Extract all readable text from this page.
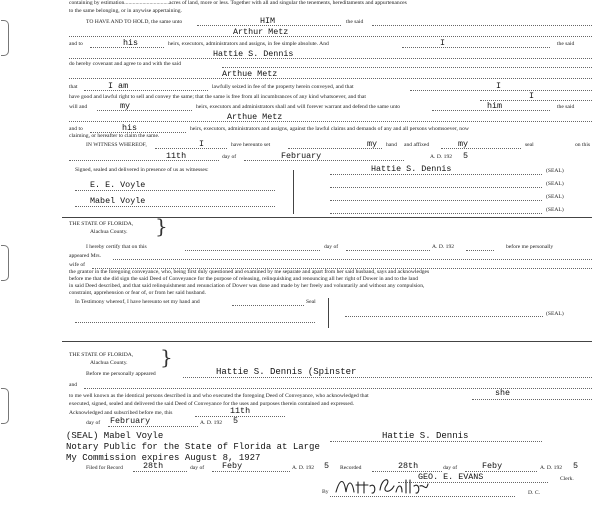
containing by estimation................................acres of land, more or less. Together with all and singular the tenements, hereditaments and appurtenances
to the same belonging, or in anywise appertaining.
TO HAVE AND TO HOLD, the same unto	HIM	the said
Arthur Metz
and to	his	heirs, executors, administrators and assigns, in fee simple absolute. And	I	the said
Hattie S. Dennis
do hereby covenant and agree to and with the said
Arthue Metz
that	I am	lawfully seized in fee of the property herein conveyed, and that	I
have good and lawful right to sell and convey the same; that the same is free from all incumbrances of any kind whatsoever, and that	I
will and	my	heirs, executors and administrators shall and will forever warrant and defend the same unto	him	the said
Arthue Metz
and to	his	heirs, executors, administrators and assigns, against the lawful claims and demands of any and all persons whomsoever, now
claiming, or hereafter to claim the same.
IN WITNESS WHEREOF,	I	have hereunto set	my hand and affixed	my	seal	on this
11th	day of	February	A. D. 192 5
Signed, sealed and delivered in presence of us as witnesses:	Hattie S. Dennis	(SEAL)
(SEAL)
(SEAL)
(SEAL)
E. E. Voyle
Mabel Voyle
THE STATE OF FLORIDA, }
Alachua County.
I hereby certify that on this	day of	A. D. 192	before me personally
appeared Mrs.
wife of
the grantor in the foregoing conveyance, who, being first duly questioned and examined by me separate and apart from her said husband, says and acknowledges
before me that she did sign the said Deed of Conveyance for the purpose of releasing, relinquishing and renouncing all her right of Dower in and to the land
in said Deed described, and that said relinquishment and renunciation of Dower was done and made by her freely and voluntarily and without any compulsion,
constraint, apprehension or fear of, or from her said husband.
In Testimony whereof, I have hereunto set my hand and	Seal
(SEAL)
THE STATE OF FLORIDA, }
Alachua County.
Before me personally appeared	Hattie S. Dennis (Spinster
and
to me well known as the identical persons described in and who executed the foregoing Deed of Conveyance, who acknowledged that	she
executed, signed, sealed and delivered the said Deed of Conveyance for the uses and purposes therein contained and expressed.
Acknowledged and subscribed before me, this	11th
day of February	A. D. 192 5
(SEAL) Mabel Voyle	Hattie S. Dennis
Notary Public for the State of Florida at Large
My Commission expires August 8, 1927
Filed for Record 28th	day of Feby	A. D. 192 5 Recorded	28th	day of	Feby	A. D. 192 5
GEO. E. EVANS	Clerk.
By	D. C.
